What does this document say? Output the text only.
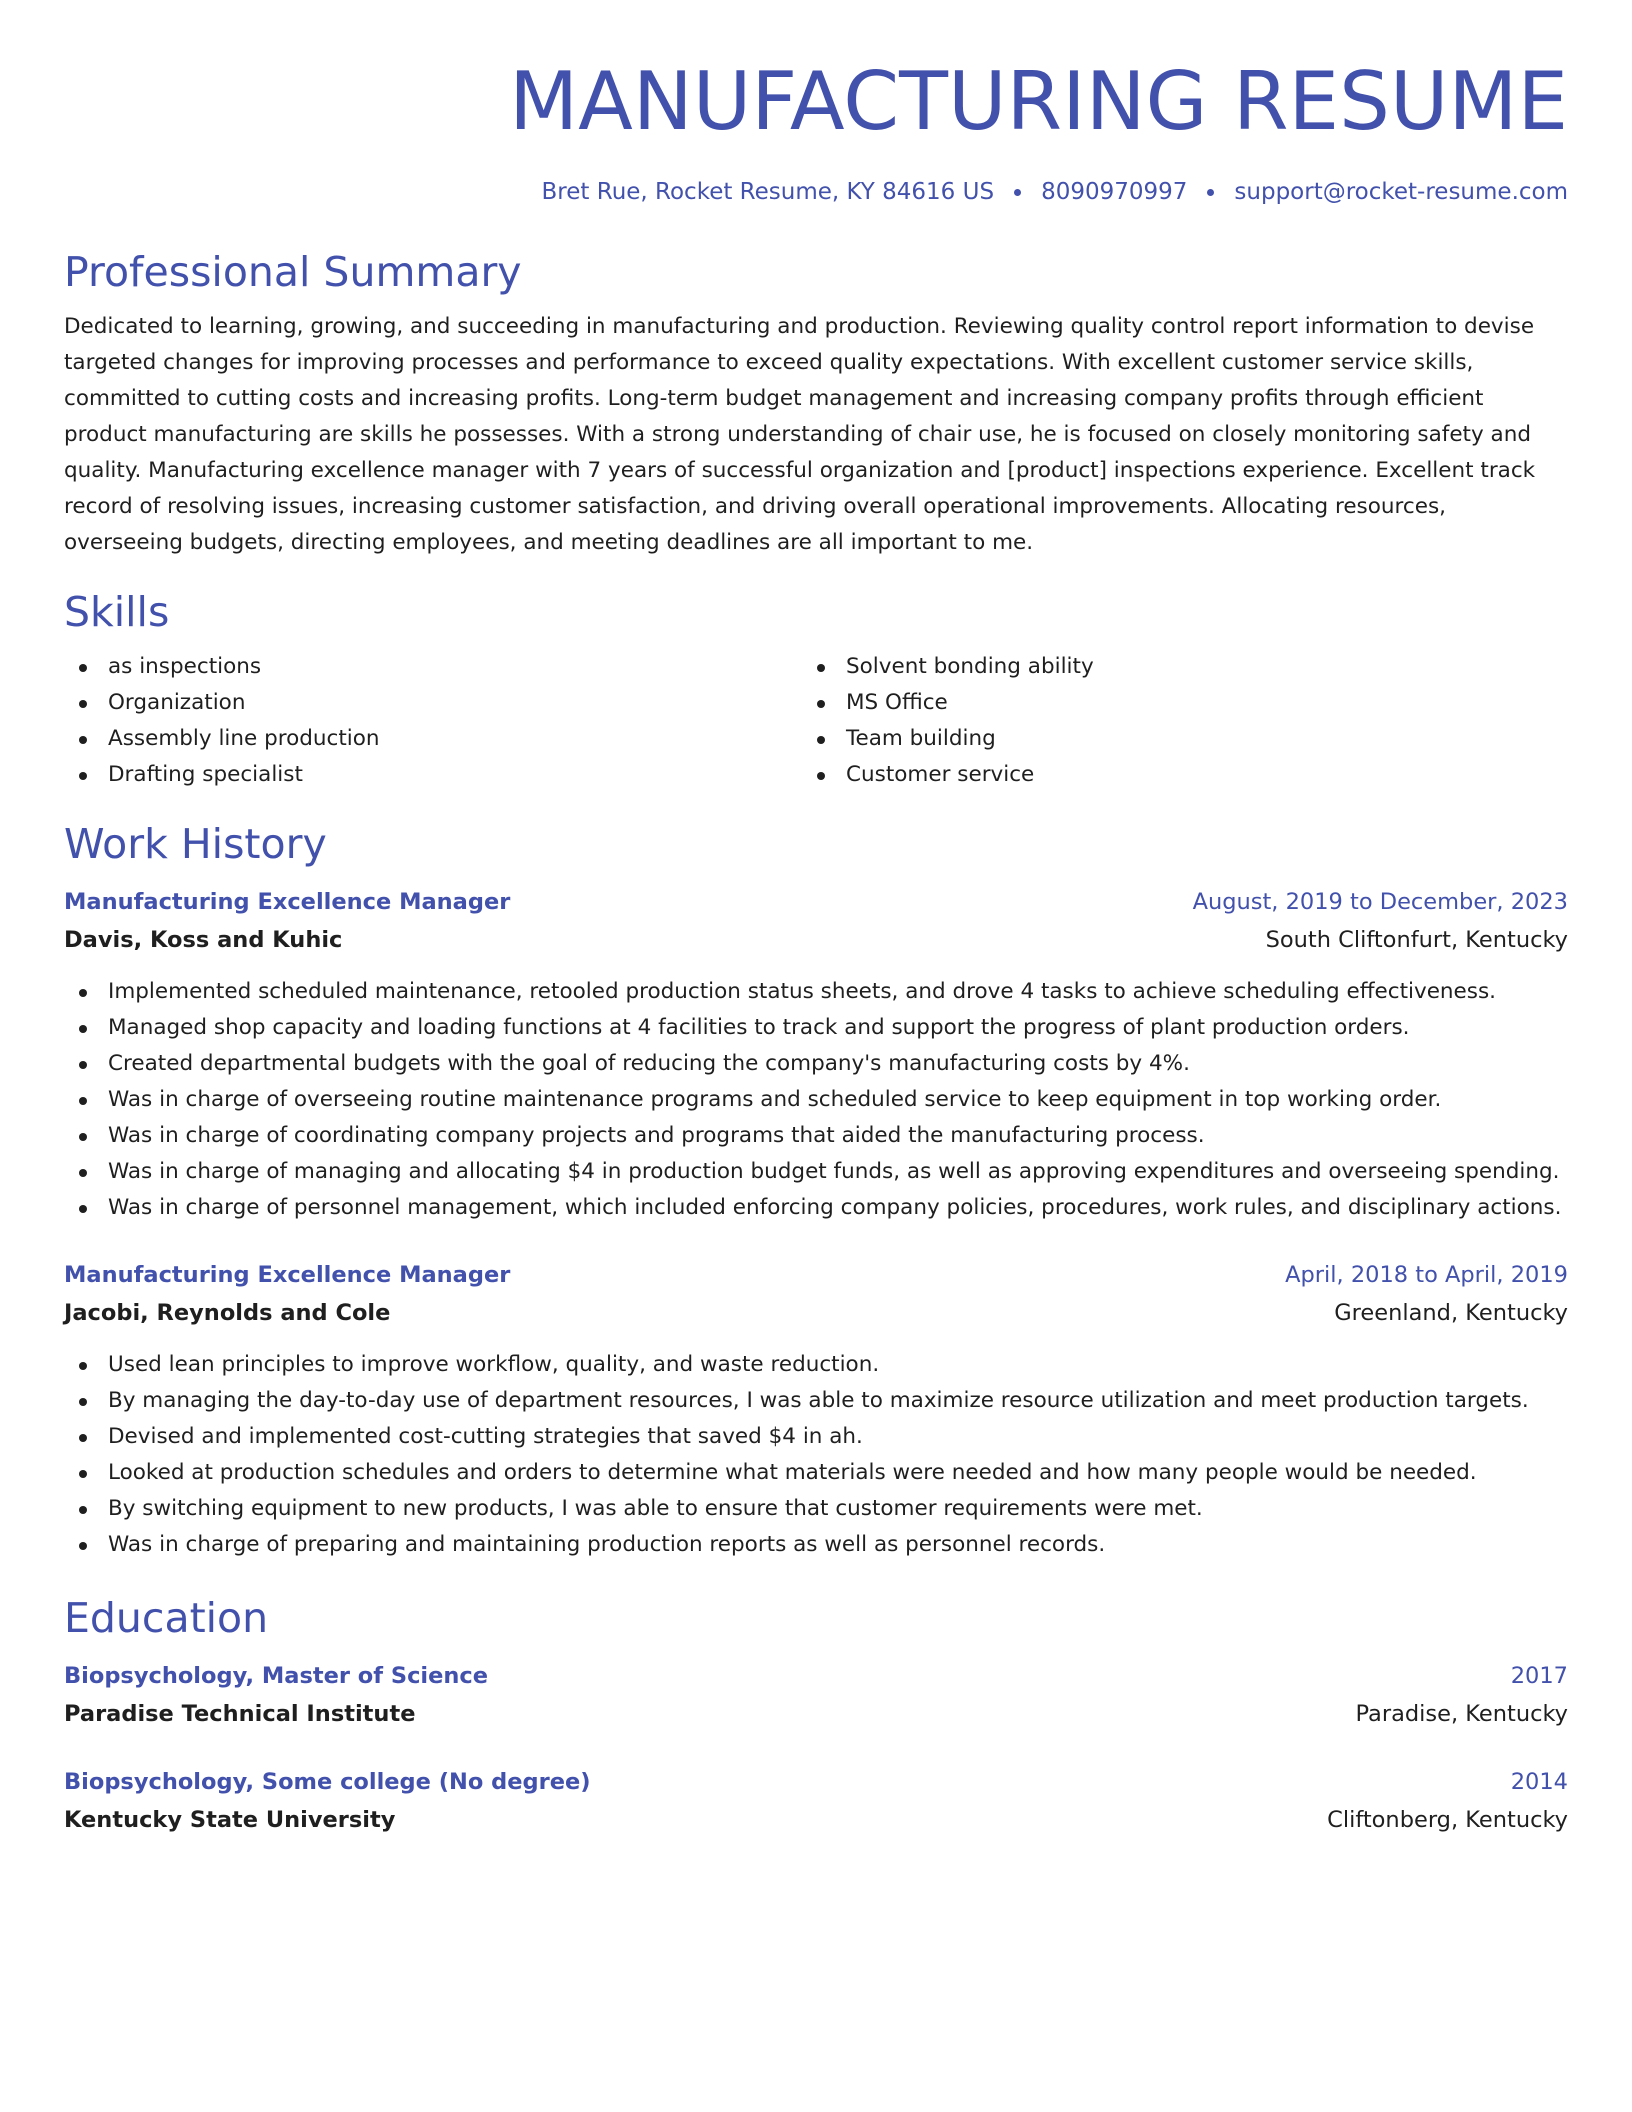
MANUFACTURING RESUME
Bret Rue, Rocket Resume, KY 84616 US 8090970997 support@rocket-resume.com
Professional Summary
Dedicated to learning, growing, and succeeding in manufacturing and production. Reviewing quality control report information to devise targeted changes for improving processes and performance to exceed quality expectations. With excellent customer service skills, committed to cutting costs and increasing profits. Long-term budget management and increasing company profits through efficient product manufacturing are skills he possesses. With a strong understanding of chair use, he is focused on closely monitoring safety and quality. Manufacturing excellence manager with 7 years of successful organization and [product] inspections experience. Excellent track record of resolving issues, increasing customer satisfaction, and driving overall operational improvements. Allocating resources, overseeing budgets, directing employees, and meeting deadlines are all important to me.
Skills
as inspections
Organization
Assembly line production
Drafting specialist
Solvent bonding ability
MS Office
Team building
Customer service
Work History
Manufacturing Excellence Manager	August, 2019 to December, 2023
Davis, Koss and Kuhic	South Cliftonfurt, Kentucky
Implemented scheduled maintenance, retooled production status sheets, and drove 4 tasks to achieve scheduling effectiveness.
Managed shop capacity and loading functions at 4 facilities to track and support the progress of plant production orders.
Created departmental budgets with the goal of reducing the company's manufacturing costs by 4%.
Was in charge of overseeing routine maintenance programs and scheduled service to keep equipment in top working order.
Was in charge of coordinating company projects and programs that aided the manufacturing process.
Was in charge of managing and allocating $4 in production budget funds, as well as approving expenditures and overseeing spending.
Was in charge of personnel management, which included enforcing company policies, procedures, work rules, and disciplinary actions.
Manufacturing Excellence Manager	April, 2018 to April, 2019
Jacobi, Reynolds and Cole	Greenland, Kentucky
Used lean principles to improve workflow, quality, and waste reduction.
By managing the day-to-day use of department resources, I was able to maximize resource utilization and meet production targets.
Devised and implemented cost-cutting strategies that saved $4 in ah.
Looked at production schedules and orders to determine what materials were needed and how many people would be needed.
By switching equipment to new products, I was able to ensure that customer requirements were met.
Was in charge of preparing and maintaining production reports as well as personnel records.
Education
Biopsychology, Master of Science	2017
Paradise Technical Institute	Paradise, Kentucky
Biopsychology, Some college (No degree)	2014
Kentucky State University	Cliftonberg, Kentucky
